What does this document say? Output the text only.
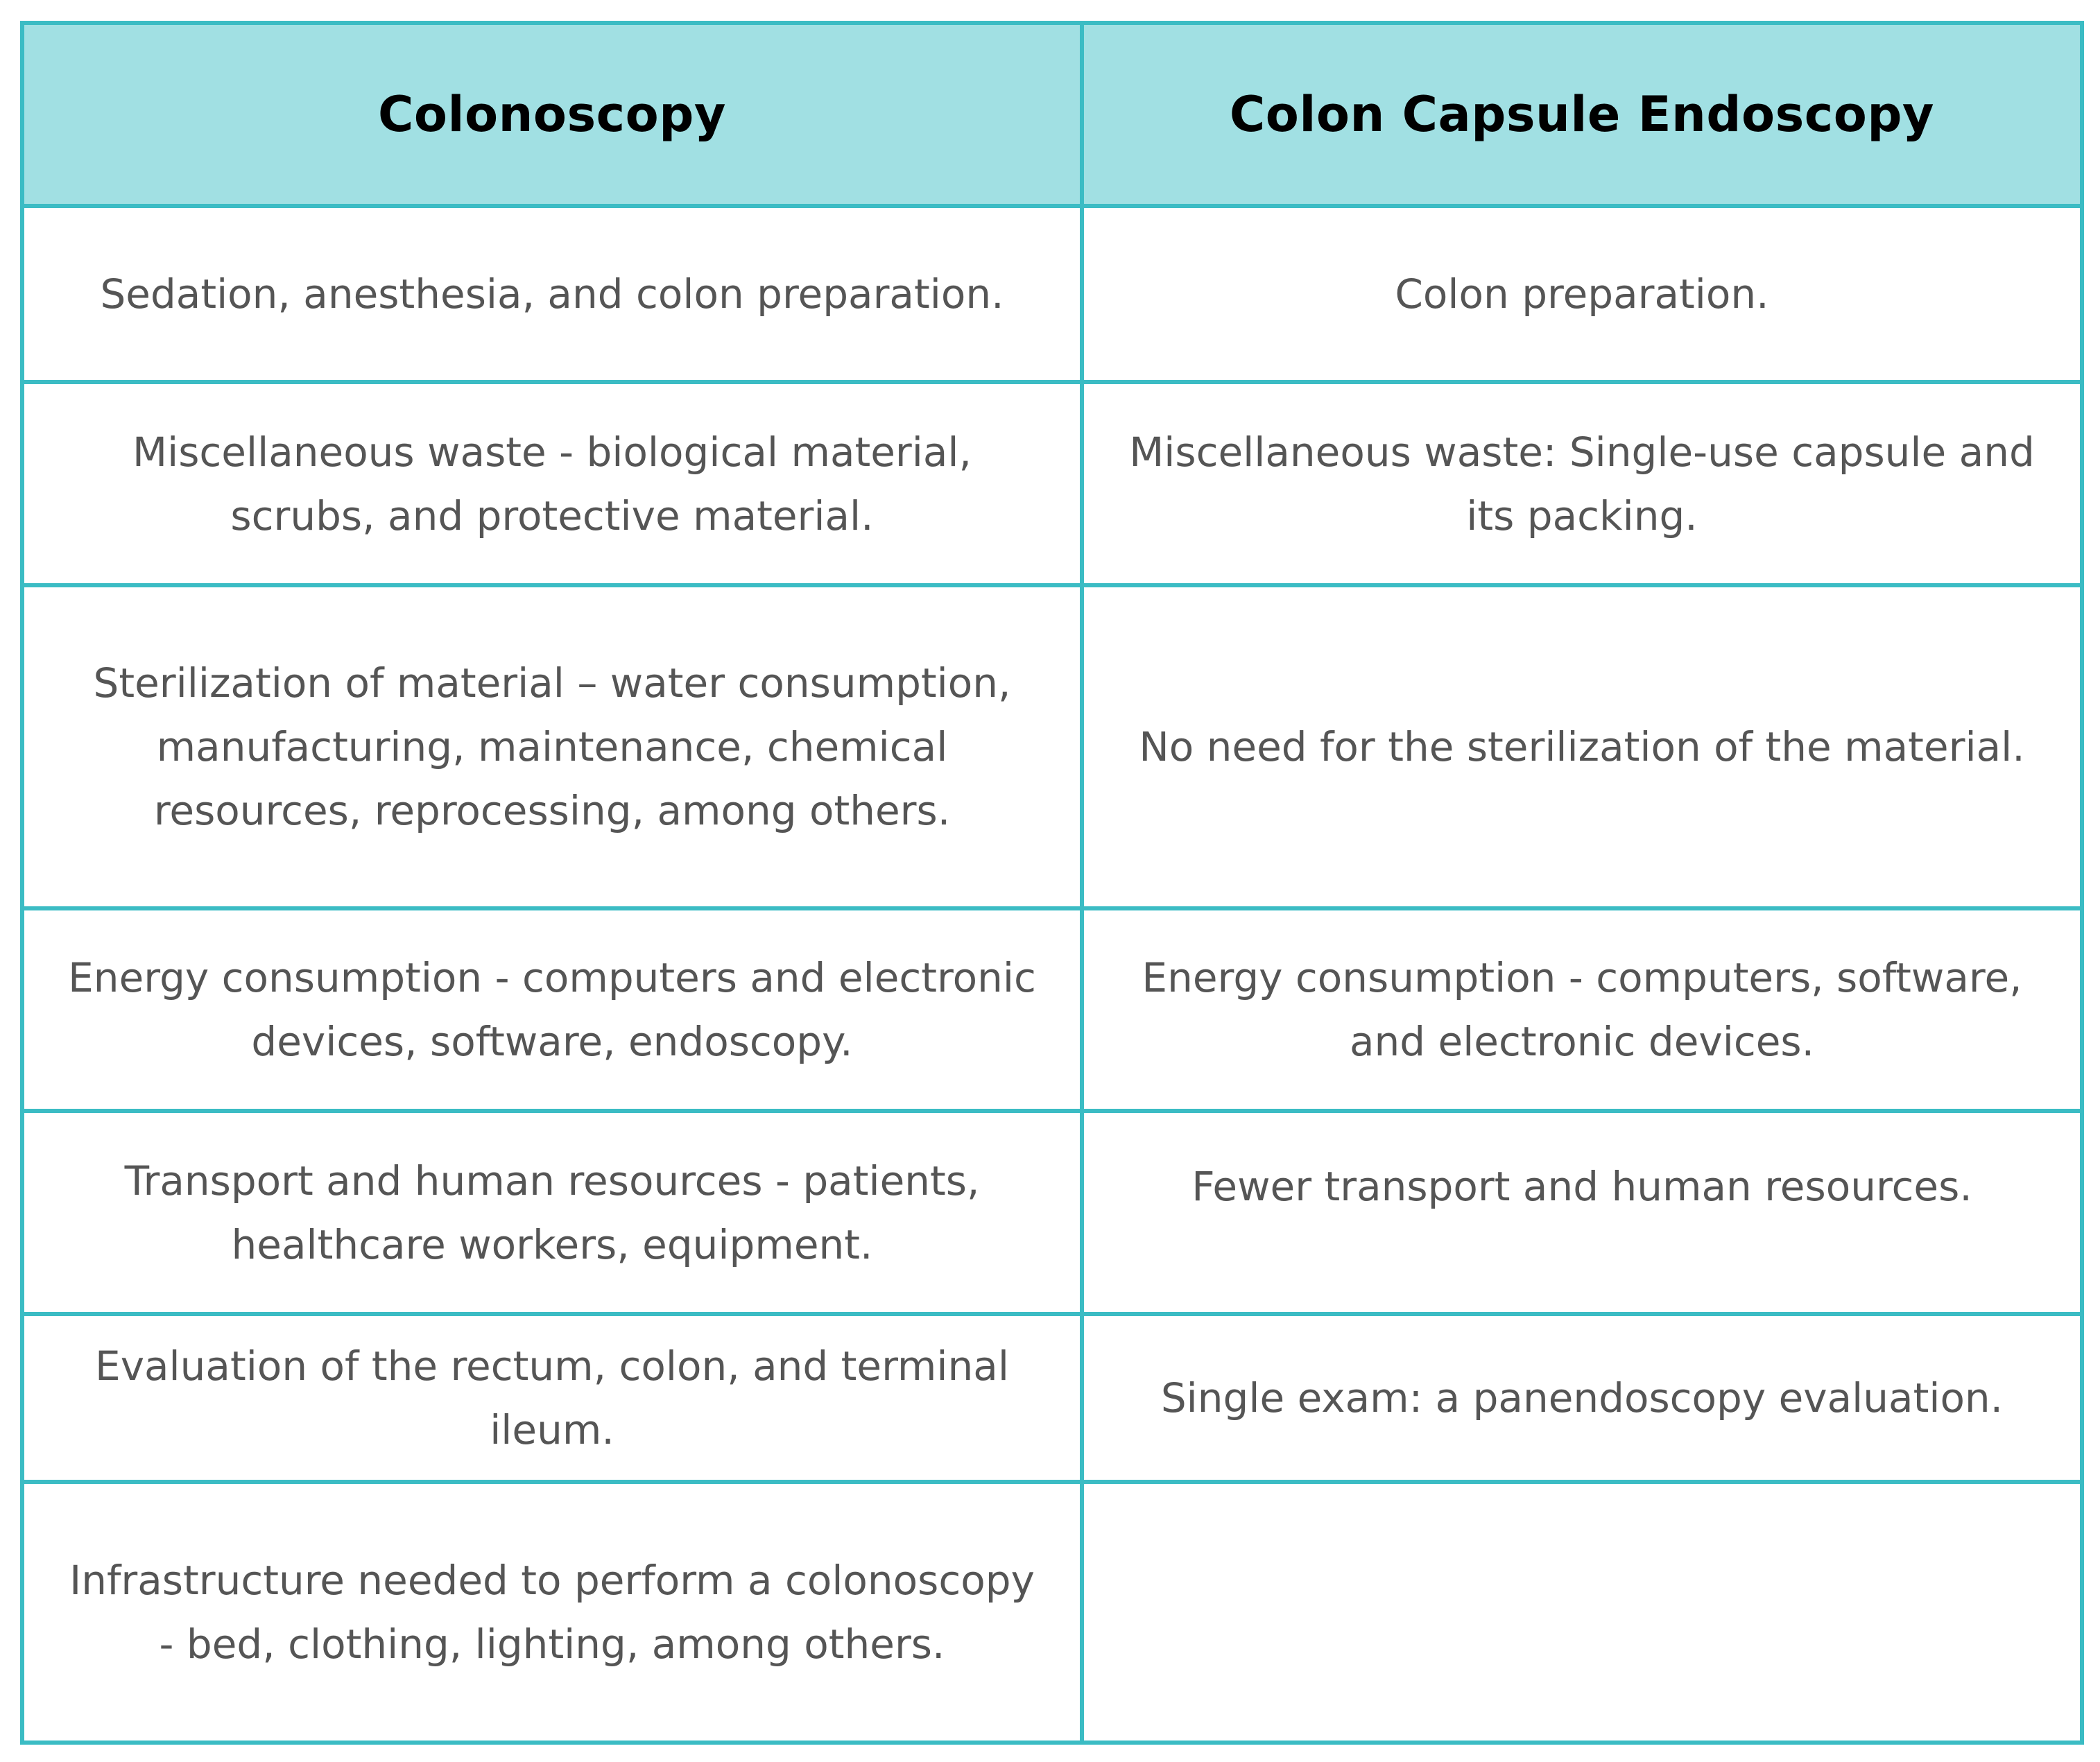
Colonoscopy	Colon Capsule Endoscopy
Sedation, anesthesia, and colon preparation.	Colon preparation.
Miscellaneous waste - biological material, scrubs, and protective material.	Miscellaneous waste: Single-use capsule and its packing.
Sterilization of material – water consumption, manufacturing, maintenance, chemical resources, reprocessing, among others.	No need for the sterilization of the material.
Energy consumption - computers and electronic devices, software, endoscopy.	Energy consumption - computers, software, and electronic devices.
Transport and human resources - patients, healthcare workers, equipment.	Fewer transport and human resources.
Evaluation of the rectum, colon, and terminal ileum.	Single exam: a panendoscopy evaluation.
Infrastructure needed to perform a colonoscopy - bed, clothing, lighting, among others.	
